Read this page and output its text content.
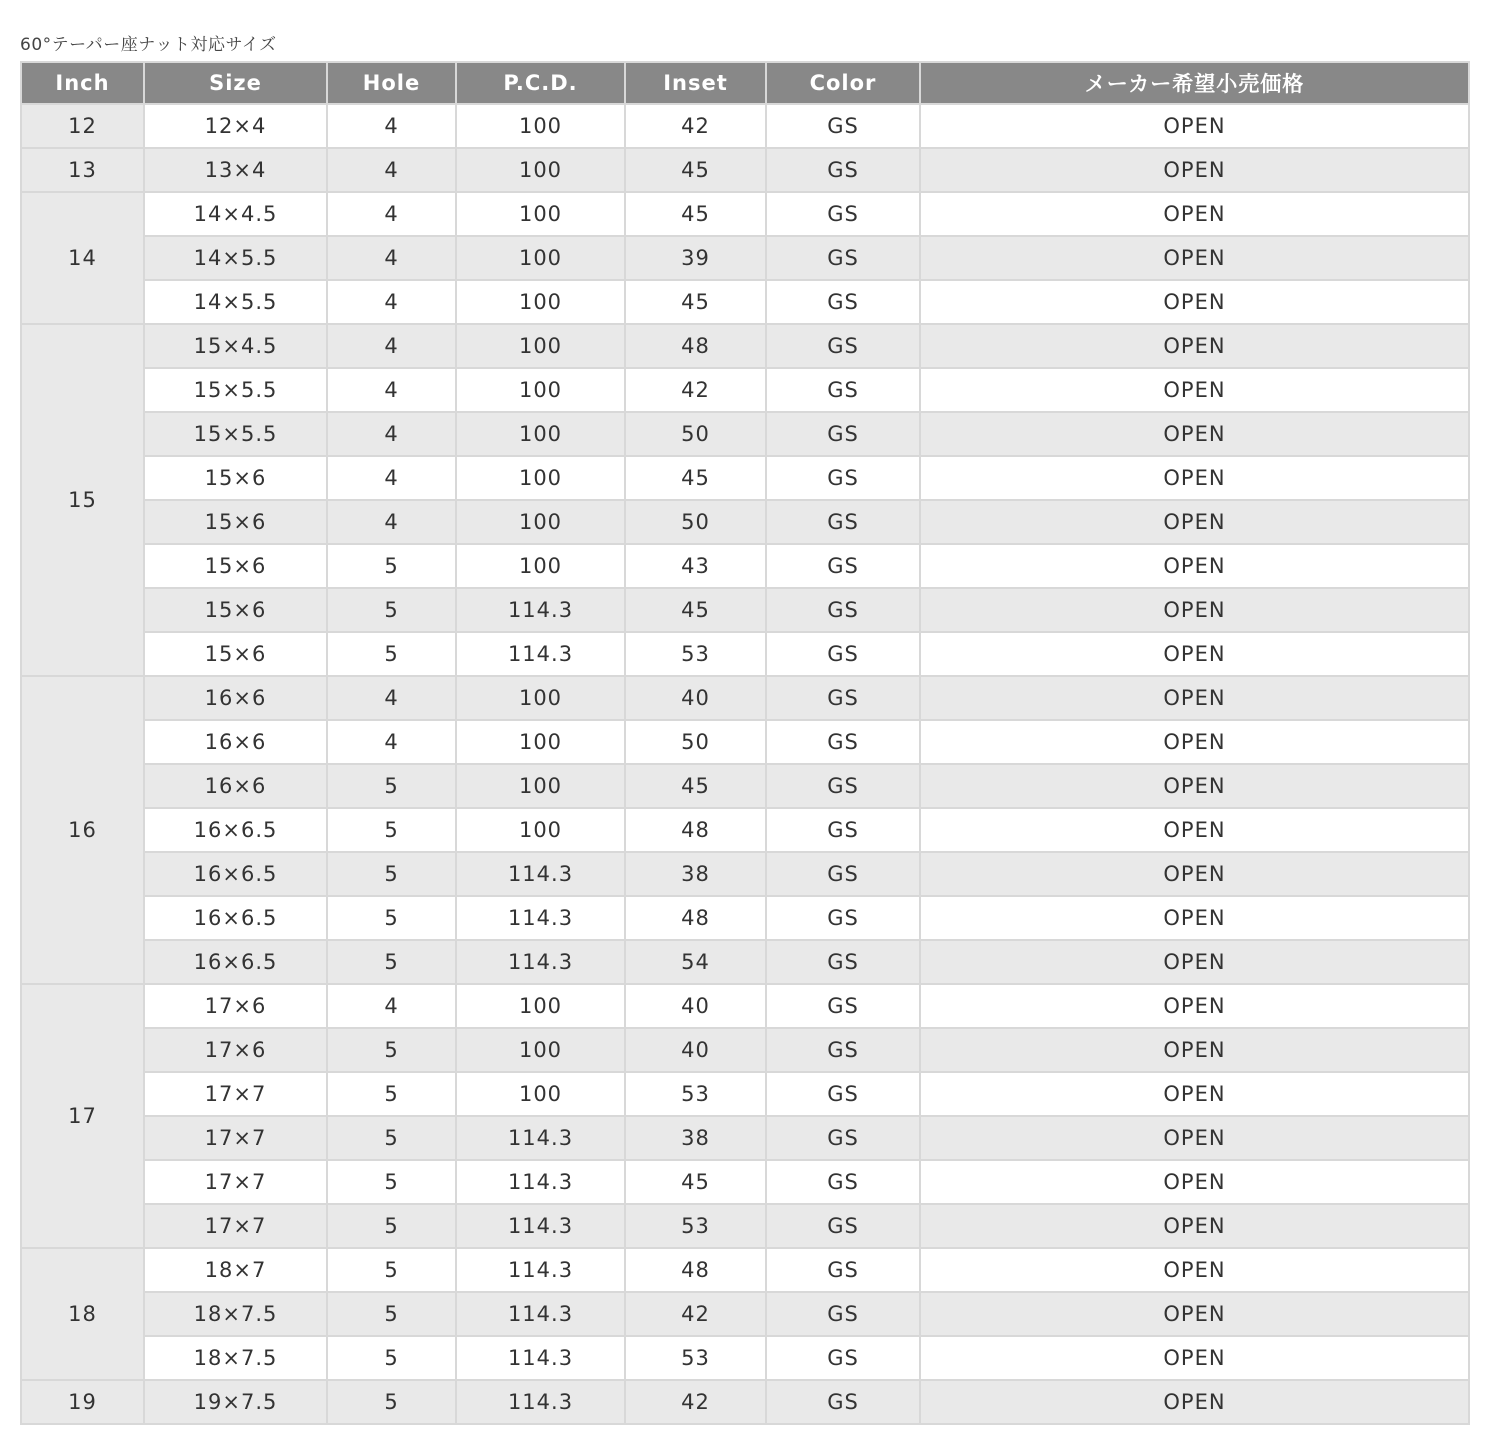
60°テーパー座ナット対応サイズ
Inch	Size	Hole	P.C.D.	Inset	Color	メーカー希望小売価格
12	12×4	4	100	42	GS	OPEN
13	13×4	4	100	45	GS	OPEN
14	14×4.5	4	100	45	GS	OPEN
	14×5.5	4	100	39	GS	OPEN
	14×5.5	4	100	45	GS	OPEN
15	15×4.5	4	100	48	GS	OPEN
	15×5.5	4	100	42	GS	OPEN
	15×5.5	4	100	50	GS	OPEN
	15×6	4	100	45	GS	OPEN
	15×6	4	100	50	GS	OPEN
	15×6	5	100	43	GS	OPEN
	15×6	5	114.3	45	GS	OPEN
	15×6	5	114.3	53	GS	OPEN
16	16×6	4	100	40	GS	OPEN
	16×6	4	100	50	GS	OPEN
	16×6	5	100	45	GS	OPEN
	16×6.5	5	100	48	GS	OPEN
	16×6.5	5	114.3	38	GS	OPEN
	16×6.5	5	114.3	48	GS	OPEN
	16×6.5	5	114.3	54	GS	OPEN
17	17×6	4	100	40	GS	OPEN
	17×6	5	100	40	GS	OPEN
	17×7	5	100	53	GS	OPEN
	17×7	5	114.3	38	GS	OPEN
	17×7	5	114.3	45	GS	OPEN
	17×7	5	114.3	53	GS	OPEN
18	18×7	5	114.3	48	GS	OPEN
	18×7.5	5	114.3	42	GS	OPEN
	18×7.5	5	114.3	53	GS	OPEN
19	19×7.5	5	114.3	42	GS	OPEN
